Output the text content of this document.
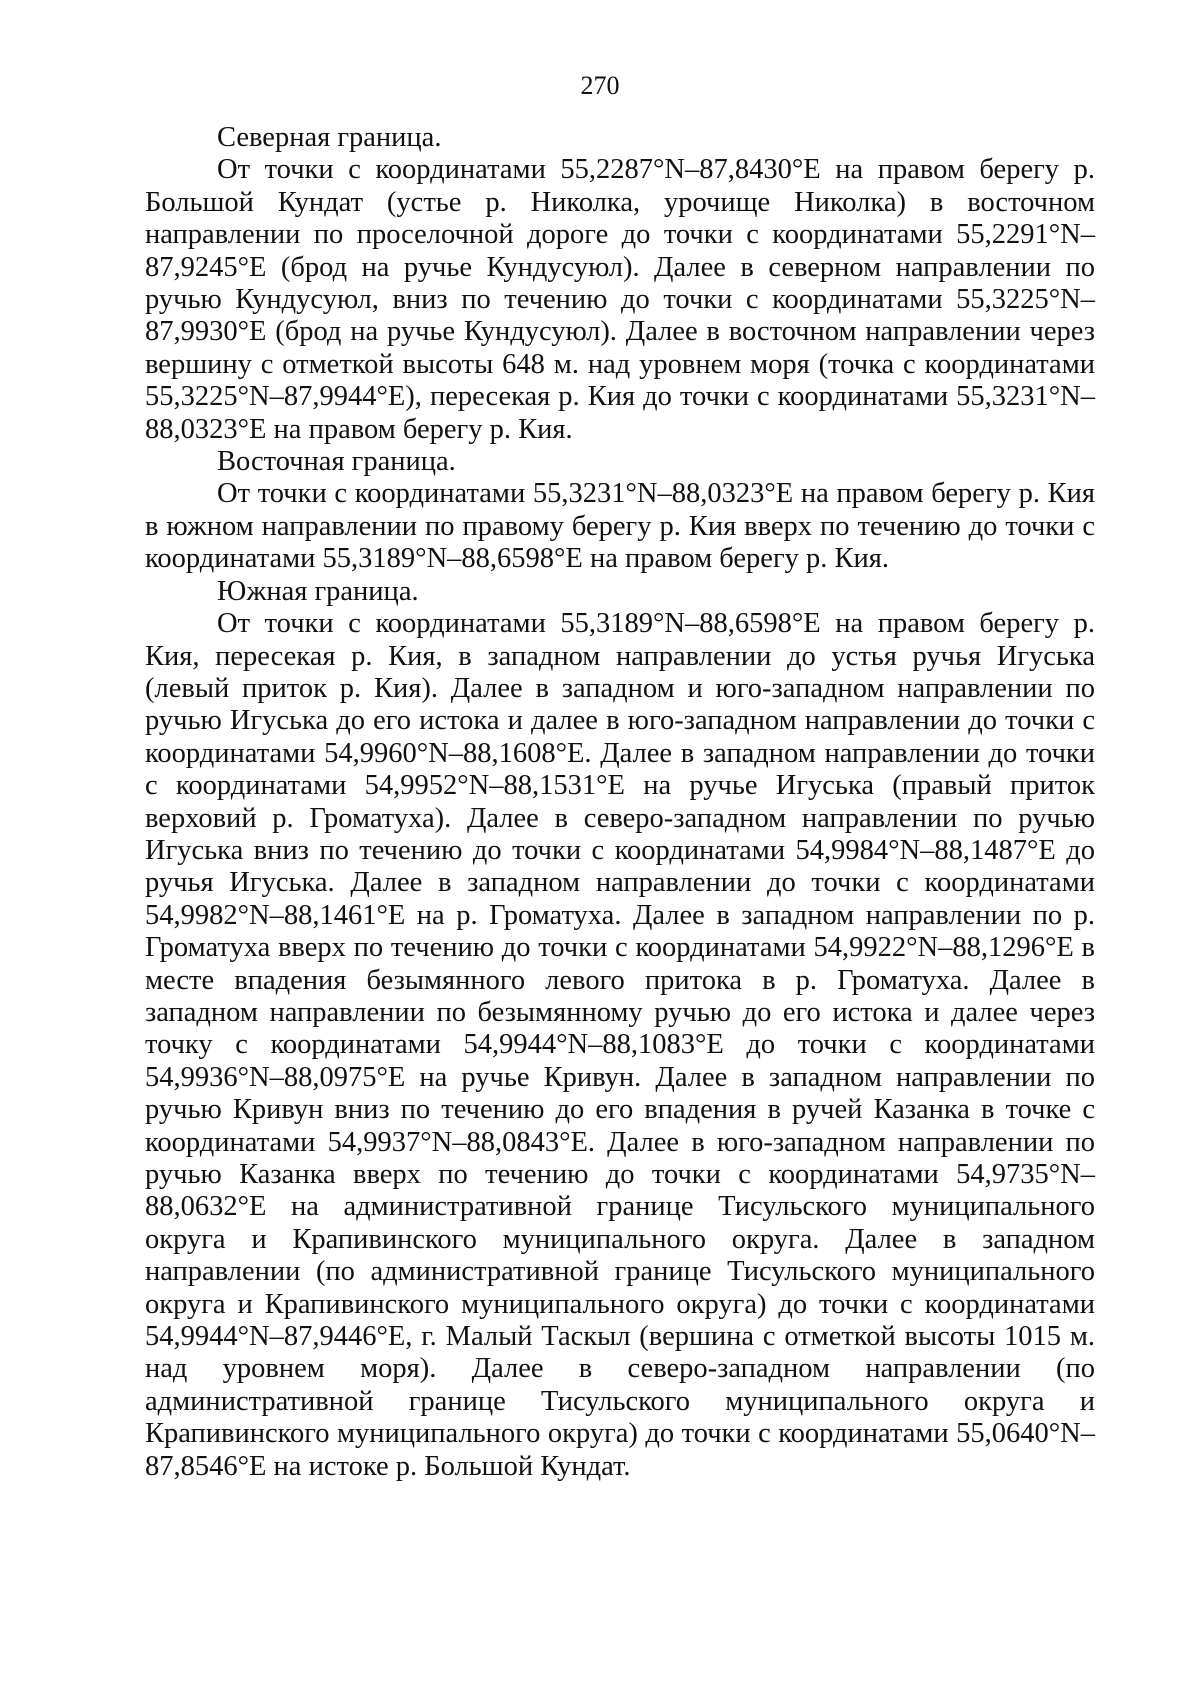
270

Северная граница.

От точки с координатами 55,2287°N–87,8430°E на правом берегу р. Большой Кундат (устье р. Николка, урочище Николка) в восточном направлении по проселочной дороге до точки с координатами 55,2291°N–87,9245°E (брод на ручье Кундусуюл). Далее в северном направлении по ручью Кундусуюл, вниз по течению до точки с координатами 55,3225°N–87,9930°E (брод на ручье Кундусуюл). Далее в восточном направлении через вершину с отметкой высоты 648 м. над уровнем моря (точка с координатами 55,3225°N–87,9944°E), пересекая р. Кия до точки с координатами 55,3231°N–88,0323°E на правом берегу р. Кия.

Восточная граница.

От точки с координатами 55,3231°N–88,0323°E на правом берегу р. Кия в южном направлении по правому берегу р. Кия вверх по течению до точки с координатами 55,3189°N–88,6598°E на правом берегу р. Кия.

Южная граница.

От точки с координатами 55,3189°N–88,6598°E на правом берегу р. Кия, пересекая р. Кия, в западном направлении до устья ручья Игуська (левый приток р. Кия). Далее в западном и юго-западном направлении по ручью Игуська до его истока и далее в юго-западном направлении до точки с координатами 54,9960°N–88,1608°E. Далее в западном направлении до точки с координатами 54,9952°N–88,1531°E на ручье Игуська (правый приток верховий р. Громатуха). Далее в северо-западном направлении по ручью Игуська вниз по течению до точки с координатами 54,9984°N–88,1487°E до ручья Игуська. Далее в западном направлении до точки с координатами 54,9982°N–88,1461°E на р. Громатуха. Далее в западном направлении по р. Громатуха вверх по течению до точки с координатами 54,9922°N–88,1296°E в месте впадения безымянного левого притока в р. Громатуха. Далее в западном направлении по безымянному ручью до его истока и далее через точку с координатами 54,9944°N–88,1083°E до точки с координатами 54,9936°N–88,0975°E на ручье Кривун. Далее в западном направлении по ручью Кривун вниз по течению до его впадения в ручей Казанка в точке с координатами 54,9937°N–88,0843°E. Далее в юго-западном направлении по ручью Казанка вверх по течению до точки с координатами 54,9735°N–88,0632°E на административной границе Тисульского муниципального округа и Крапивинского муниципального округа. Далее в западном направлении (по административной границе Тисульского муниципального округа и Крапивинского муниципального округа) до точки с координатами 54,9944°N–87,9446°E, г. Малый Таскыл (вершина с отметкой высоты 1015 м. над уровнем моря). Далее в северо-западном направлении (по административной границе Тисульского муниципального округа и Крапивинского муниципального округа) до точки с координатами 55,0640°N–87,8546°E на истоке р. Большой Кундат.
